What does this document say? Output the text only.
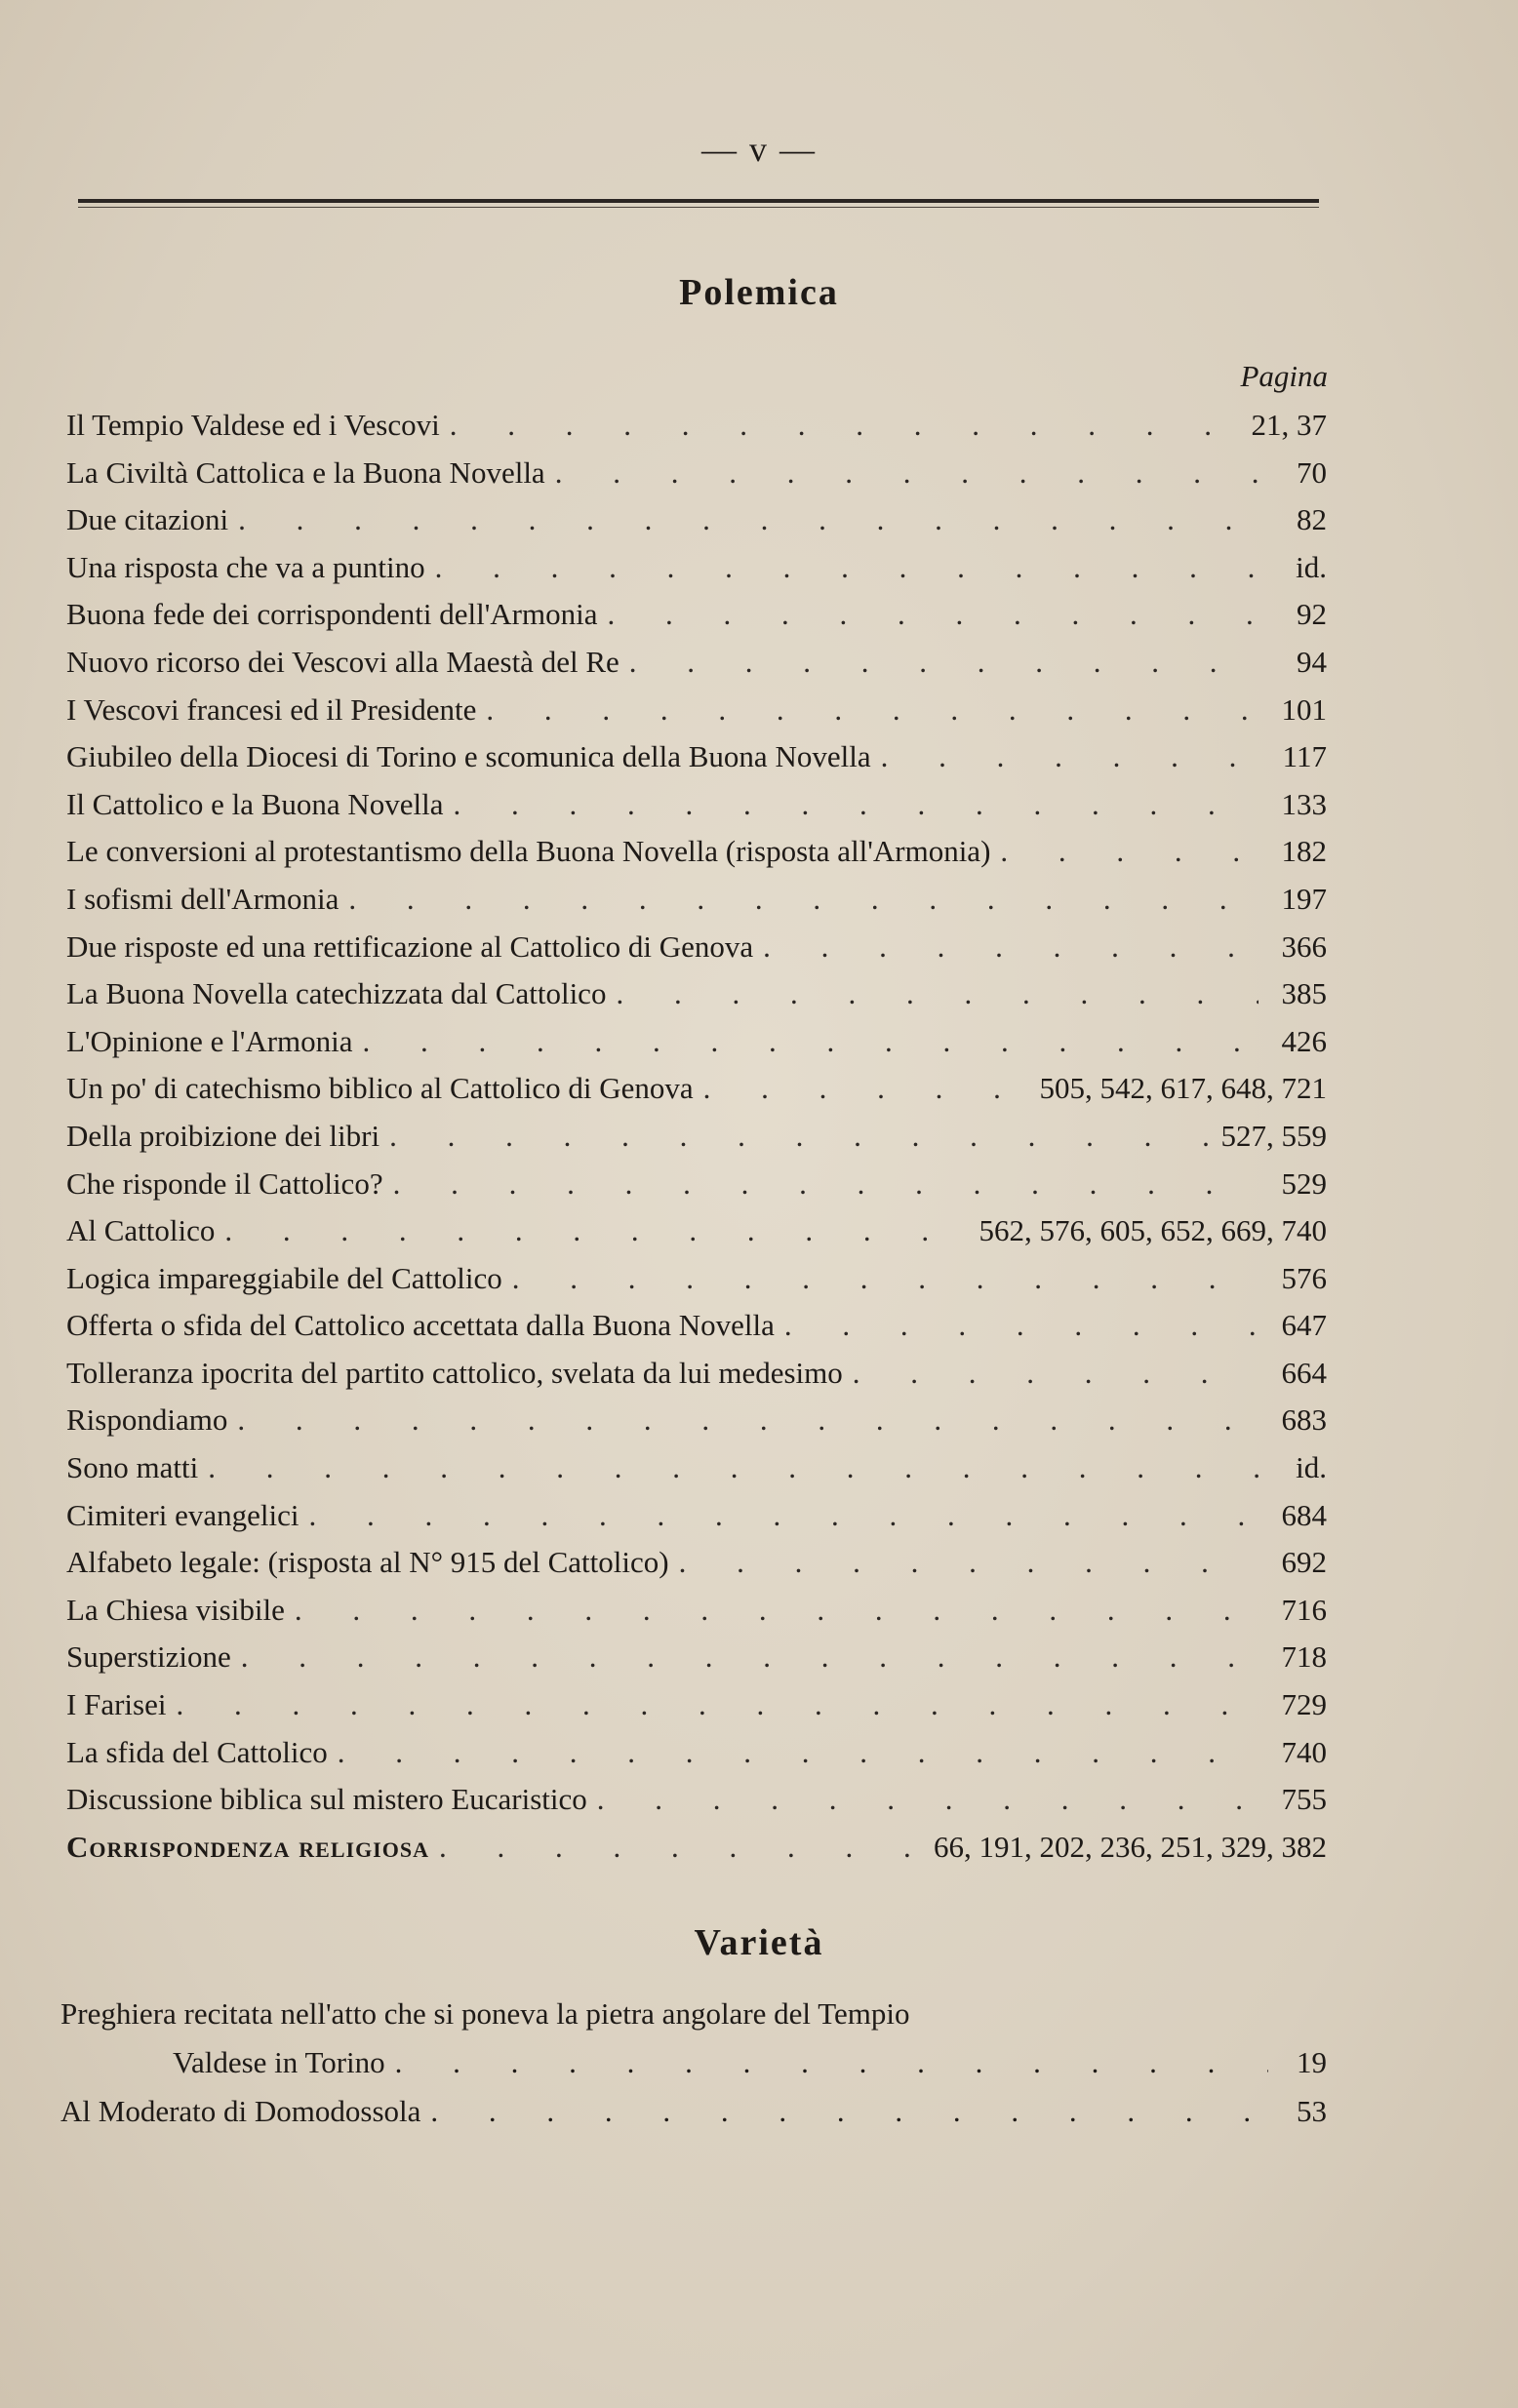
— v —
Polemica
Pagina
Il Tempio Valdese ed i Vescovi . . .	21, 37
La Civiltà Cattolica e la Buona Novella . . .	70
Due citazioni . . .	82
Una risposta che va a puntino . . .	id.
Buona fede dei corrispondenti dell'Armonia . . .	92
Nuovo ricorso dei Vescovi alla Maestà del Re . . .	94
I Vescovi francesi ed il Presidente . . .	101
Giubileo della Diocesi di Torino e scomunica della Buona Novella . . .	117
Il Cattolico e la Buona Novella . . .	133
Le conversioni al protestantismo della Buona Novella (risposta all'Armonia) . . .	182
I sofismi dell'Armonia . . .	197
Due risposte ed una rettificazione al Cattolico di Genova . . .	366
La Buona Novella catechizzata dal Cattolico . . .	385
L'Opinione e l'Armonia . . .	426
Un po' di catechismo biblico al Cattolico di Genova . . .	505, 542, 617, 648, 721
Della proibizione dei libri . . .	527, 559
Che risponde il Cattolico? . . .	529
Al Cattolico . . .	562, 576, 605, 652, 669, 740
Logica impareggiabile del Cattolico . . .	576
Offerta o sfida del Cattolico accettata dalla Buona Novella . . .	647
Tolleranza ipocrita del partito cattolico, svelata da lui medesimo . . .	664
Rispondiamo . . .	683
Sono matti . . .	id.
Cimiteri evangelici . . .	684
Alfabeto legale: (risposta al N° 915 del Cattolico) . . .	692
La Chiesa visibile . . .	716
Superstizione . . .	718
I Farisei . . .	729
La sfida del Cattolico . . .	740
Discussione biblica sul mistero Eucaristico . . .	755
Corrispondenza religiosa . . .	66, 191, 202, 236, 251, 329, 382
Varietà
Preghiera recitata nell'atto che si poneva la pietra angolare del Tempio
Valdese in Torino . . .	19
Al Moderato di Domodossola . . .	53
